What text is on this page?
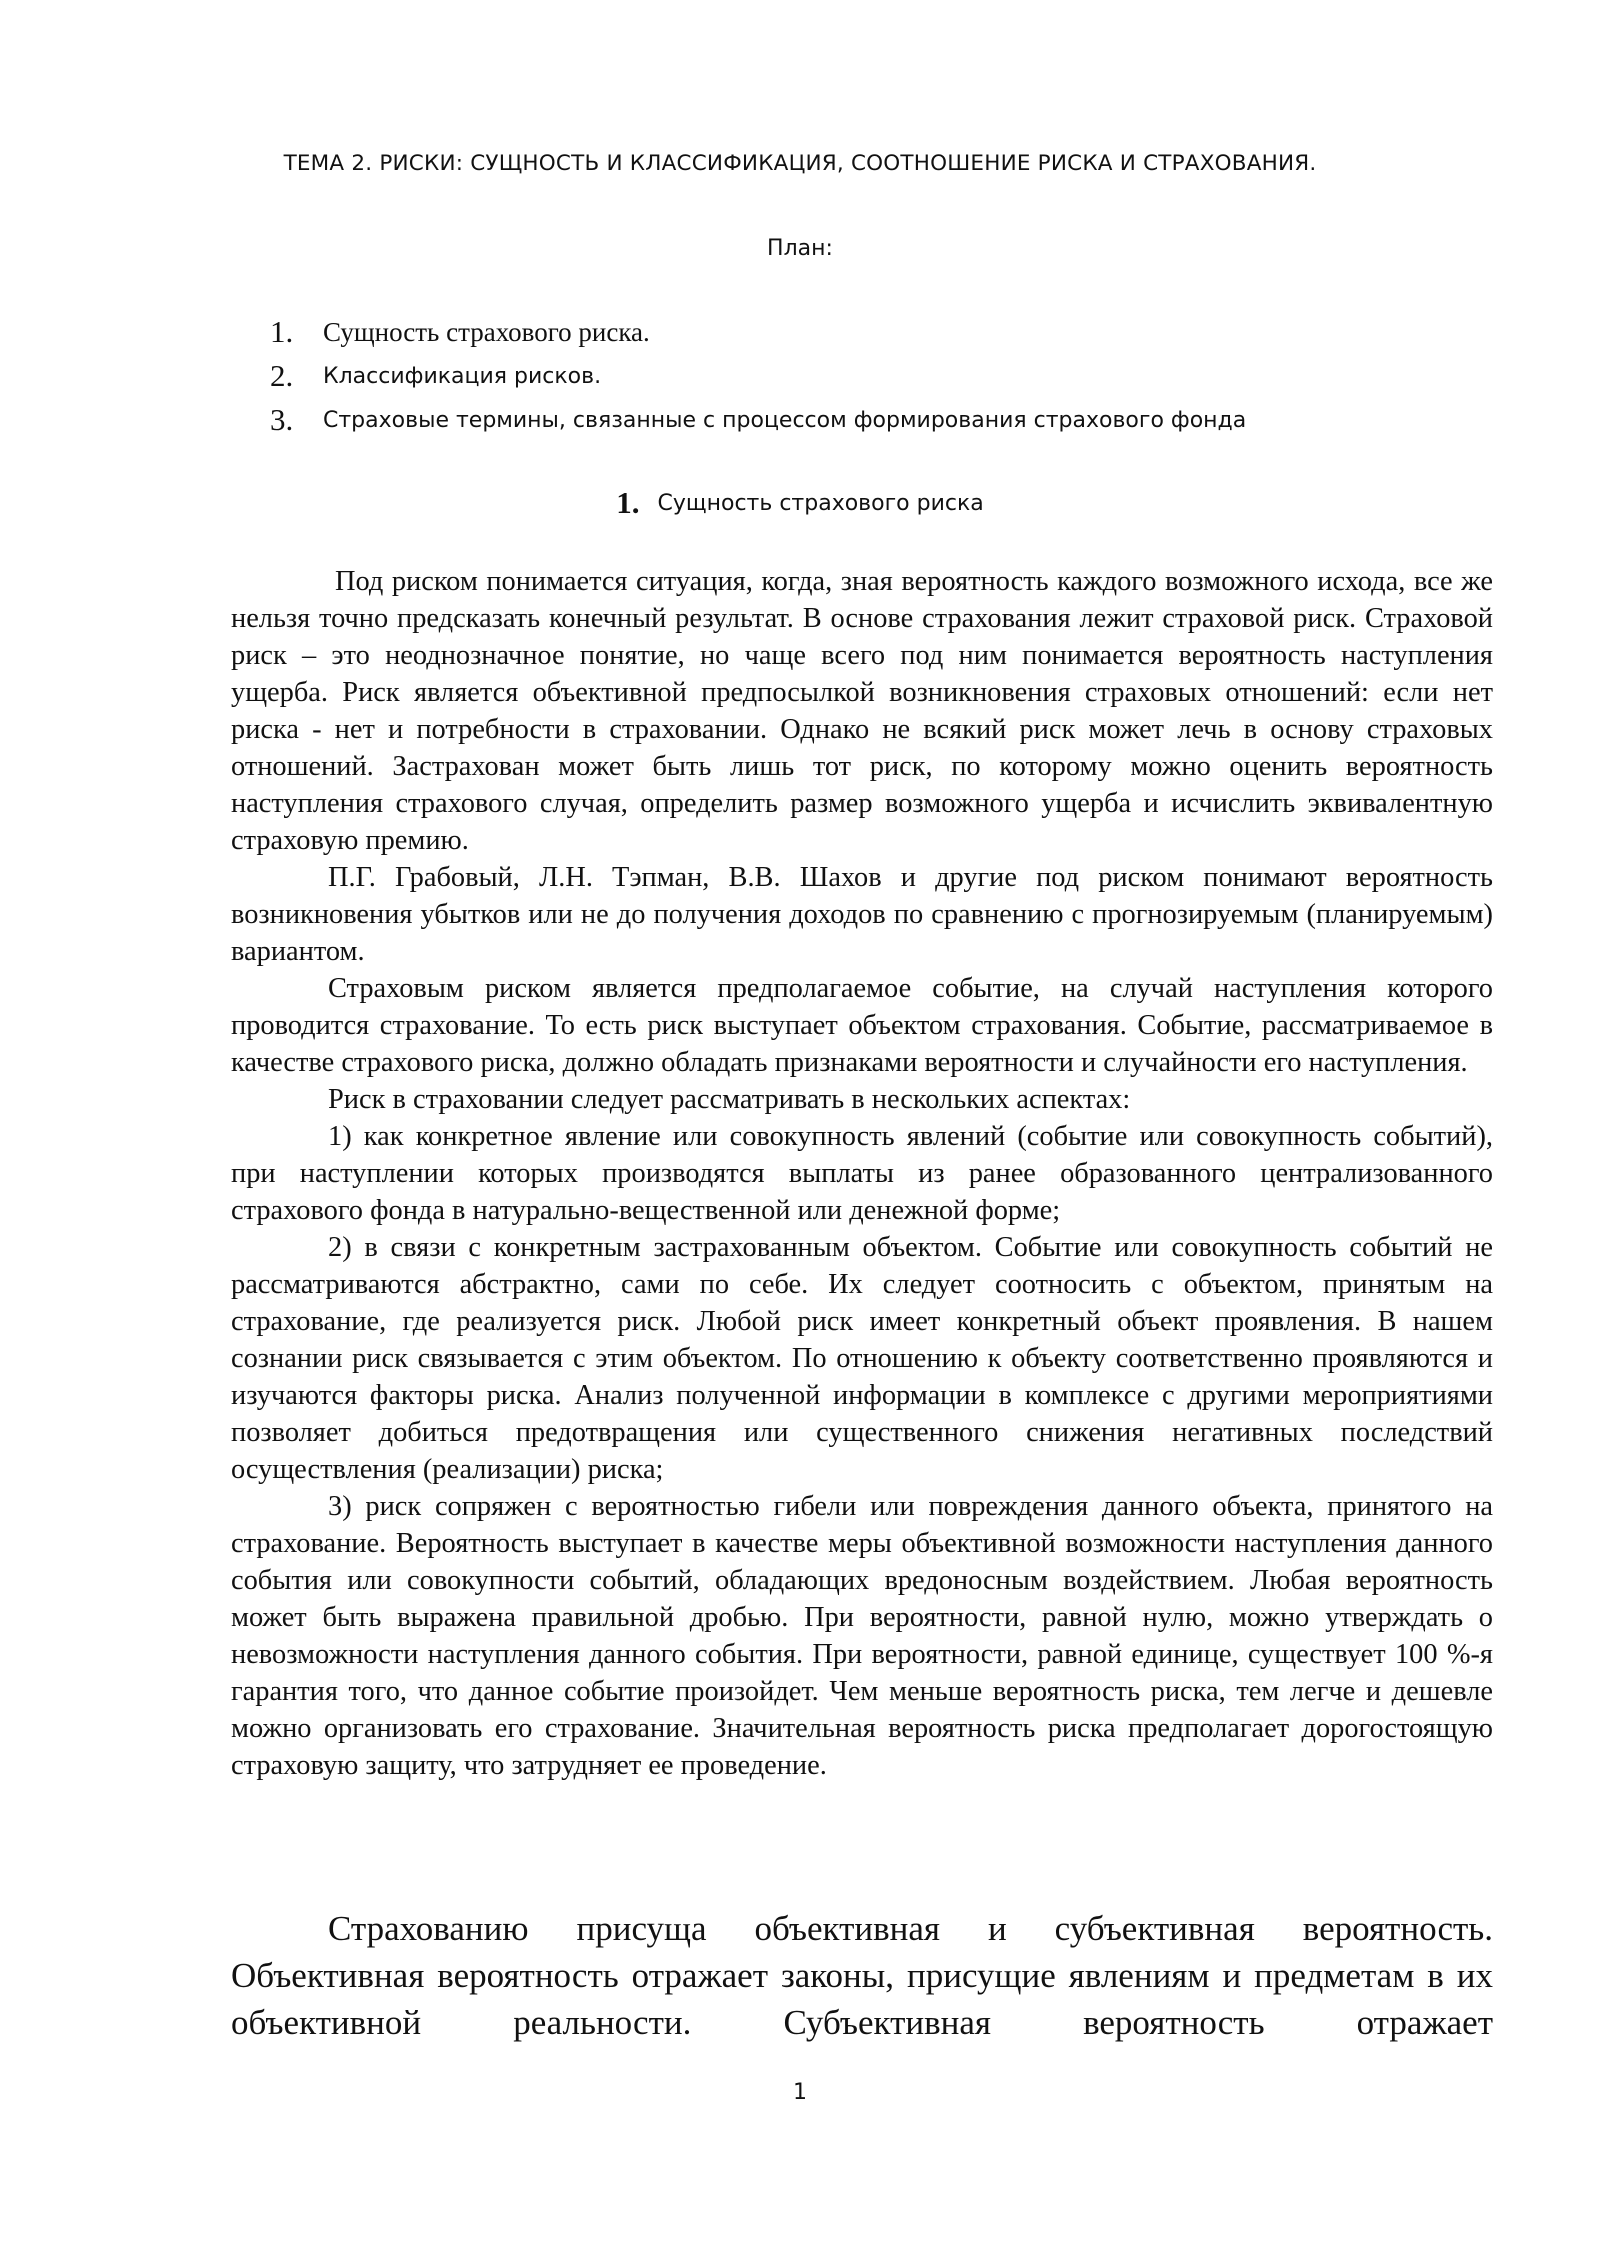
ТЕМА 2. РИСКИ: СУЩНОСТЬ И КЛАССИФИКАЦИЯ, СООТНОШЕНИЕ РИСКА И СТРАХОВАНИЯ.
План:
1.	Сущность страхового риска.
2.	Классификация рисков.
3.	Страховые термины, связанные с процессом формирования страхового фонда
1. Сущность страхового риска

Под риском понимается ситуация, когда, зная вероятность каждого возможного исхода, все же нельзя точно предсказать конечный результат. В основе страхования лежит страховой риск. Страховой риск – это неоднозначное понятие, но чаще всего под ним понимается вероятность наступления ущерба. Риск является объективной предпосылкой возникновения страховых отношений: если нет риска - нет и потребности в страховании. Однако не всякий риск может лечь в основу страховых отношений. Застрахован может быть лишь тот риск, по которому можно оценить вероятность наступления страхового случая, определить размер возможного ущерба и исчислить эквивалентную страховую премию.

П.Г. Грабовый, Л.Н. Тэпман, В.В. Шахов и другие под риском понимают вероятность возникновения убытков или не до получения доходов по сравнению с прогнозируемым (планируемым) вариантом.

Страховым риском является предполагаемое событие, на случай наступления которого проводится страхование. То есть риск выступает объектом страхования. Событие, рассматриваемое в качестве страхового риска, должно обладать признаками вероятности и случайности его наступления.

Риск в страховании следует рассматривать в нескольких аспектах:

1) как конкретное явление или совокупность явлений (событие или совокупность событий), при наступлении которых производятся выплаты из ранее образованного централизованного страхового фонда в натурально-вещественной или денежной форме;

2) в связи с конкретным застрахованным объектом. Событие или совокупность событий не рассматриваются абстрактно, сами по себе. Их следует соотносить с объектом, принятым на страхование, где реализуется риск. Любой риск имеет конкретный объект проявления. В нашем сознании риск связывается с этим объектом. По отношению к объекту соответственно проявляются и изучаются факторы риска. Анализ полученной информации в комплексе с другими мероприятиями позволяет добиться предотвращения или существенного снижения негативных последствий осуществления (реализации) риска;

3) риск сопряжен с вероятностью гибели или повреждения данного объекта, принятого на страхование. Вероятность выступает в качестве меры объективной возможности наступления данного события или совокупности событий, обладающих вредоносным воздействием. Любая вероятность может быть выражена правильной дробью. При вероятности, равной нулю, можно утверждать о невозможности наступления данного события. При вероятности, равной единице, существует 100 %-я гарантия того, что данное событие произойдет. Чем меньше вероятность риска, тем легче и дешевле можно организовать его страхование. Значительная вероятность риска предполагает дорогостоящую страховую защиту, что затрудняет ее проведение.

Страхованию присуща объективная и субъективная вероятность. Объективная вероятность отражает законы, присущие явлениям и предметам в их объективной реальности. Субъективная вероятность отражает

1
